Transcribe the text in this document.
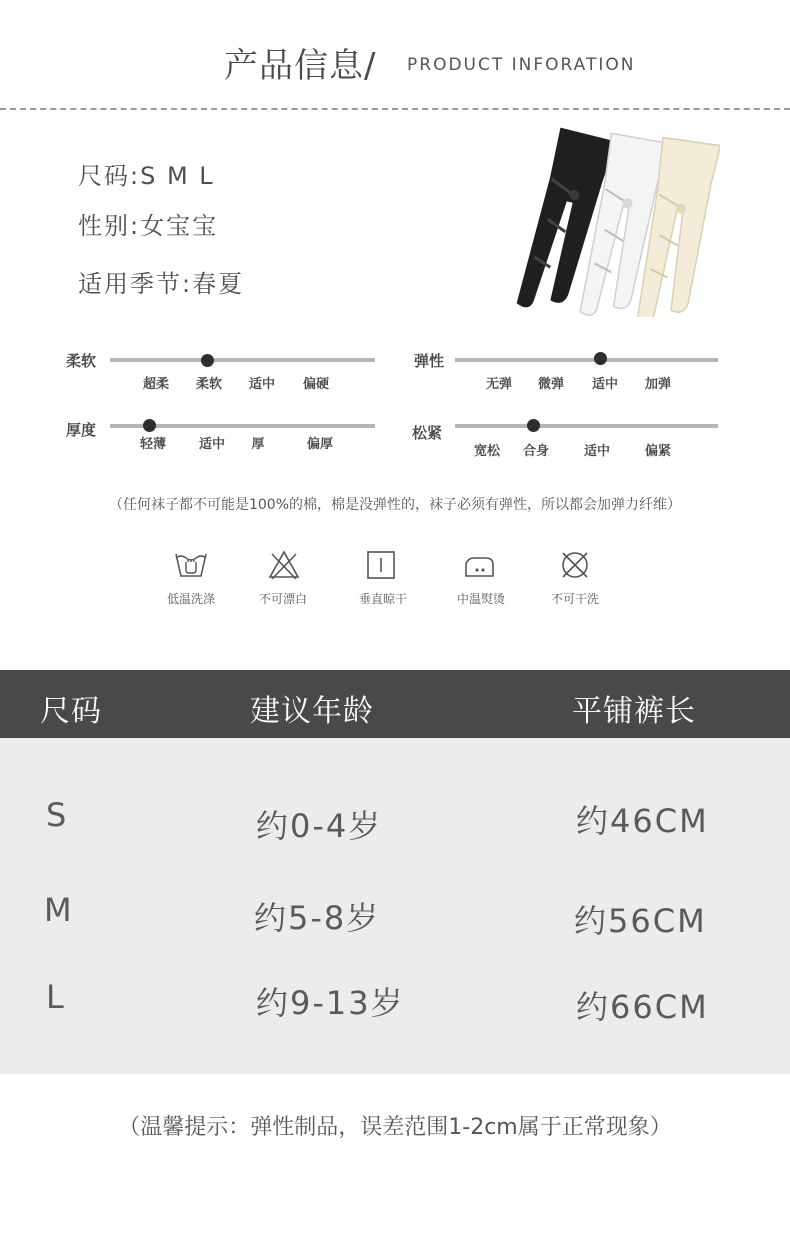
产品信息/ PRODUCT INFORATION
尺码:S M L
性别:女宝宝
适用季节:春夏
柔软
超柔 柔软 适中 偏硬
弹性
无弹 微弹 适中 加弹
厚度
轻薄	适中 厚	偏厚
松紧
宽松 合身	适中	偏紧
（任何袜子都不可能是100%的棉，棉是没弹性的，袜子必须有弹性，所以都会加弹力纤维）
低温洗涤	不可漂白	垂直晾干	中温熨烫	不可干洗
尺码	建议年龄	平铺裤长
S	约0-4岁	约46CM
M	约5-8岁	约56CM
L	约9-13岁	约66CM
（温馨提示：弹性制品，误差范围1-2cm属于正常现象）
